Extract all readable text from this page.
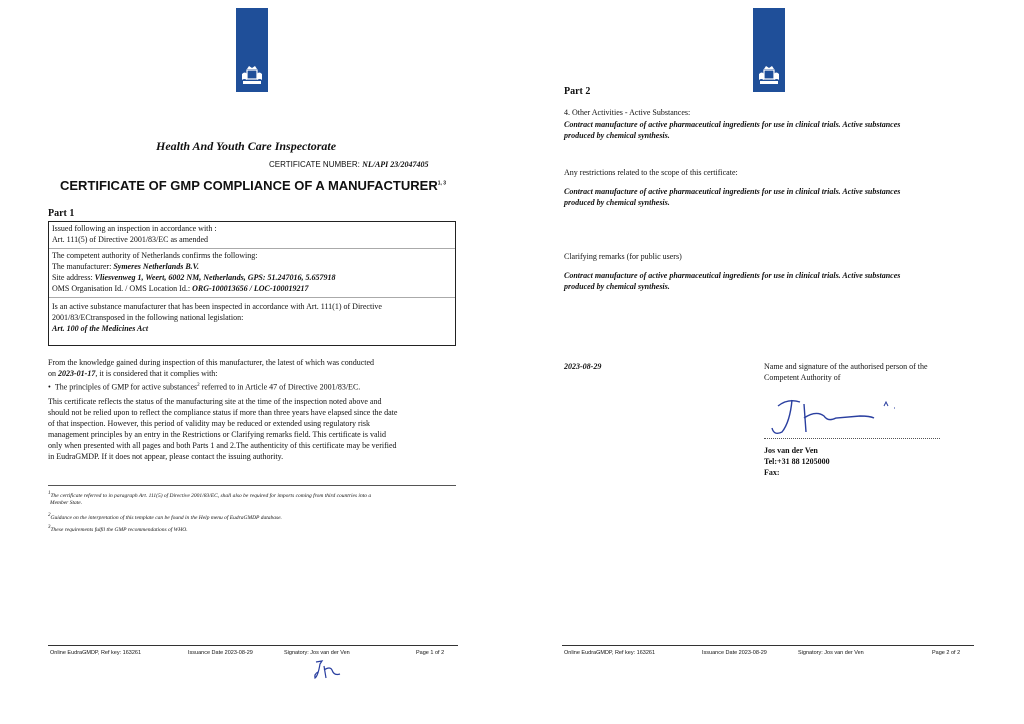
Health And Youth Care Inspectorate
CERTIFICATE NUMBER: NL/API 23/2047405
CERTIFICATE OF GMP COMPLIANCE OF A MANUFACTURER$^{1, 3}$
Part 1
Issued following an inspection in accordance with :
Art. 111(5) of Directive 2001/83/EC as amended
The competent authority of Netherlands confirms the following:
The manufacturer: Symeres Netherlands B.V.
Site address: Vliesvenweg 1, Weert, 6002 NM, Netherlands, GPS: 51.247016, 5.657918
OMS Organisation Id. / OMS Location Id.: ORG-100013656 / LOC-100019217
Is an active substance manufacturer that has been inspected in accordance with Art. 111(1) of Directive
2001/83/ECtransposed in the following national legislation:
Art. 100 of the Medicines Act
From the knowledge gained during inspection of this manufacturer, the latest of which was conducted
on 2023-01-17, it is considered that it complies with:
•  The principles of GMP for active substances$^2$ referred to in Article 47 of Directive 2001/83/EC.
This certificate reflects the status of the manufacturing site at the time of the inspection noted above and
should not be relied upon to reflect the compliance status if more than three years have elapsed since the date
of that inspection. However, this period of validity may be reduced or extended using regulatory risk
management principles by an entry in the Restrictions or Clarifying remarks field. This certificate is valid
only when presented with all pages and both Parts 1 and 2.The authenticity of this certificate may be verified
in EudraGMDP. If it does not appear, please contact the issuing authority.
$^1$The certificate referred to in paragraph Art. 111(5) of Directive 2001/83/EC, shall also be required for imports coming from third countries into a
Member State.
$^2$Guidance on the interpretation of this template can be found in the Help menu of EudraGMDP database.
$^3$These requirements fulfil the GMP recommendations of WHO.
Online EudraGMDP, Ref key: 163261	Issuance Date 2023-08-29	Signatory: Jos van der Ven	Page 1 of 2
Part 2
4. Other Activities - Active Substances:
Contract manufacture of active pharmaceutical ingredients for use in clinical trials. Active substances
produced by chemical synthesis.
Any restrictions related to the scope of this certificate:
Contract manufacture of active pharmaceutical ingredients for use in clinical trials. Active substances
produced by chemical synthesis.
Clarifying remarks (for public users)
Contract manufacture of active pharmaceutical ingredients for use in clinical trials. Active substances
produced by chemical synthesis.
2023-08-29	Name and signature of the authorised person of the
Competent Authority of
Jos van der Ven
Tel:+31 88 1205000
Fax:
Online EudraGMDP, Ref key: 163261	Issuance Date 2023-08-29	Signatory: Jos van der Ven	Page 2 of 2
